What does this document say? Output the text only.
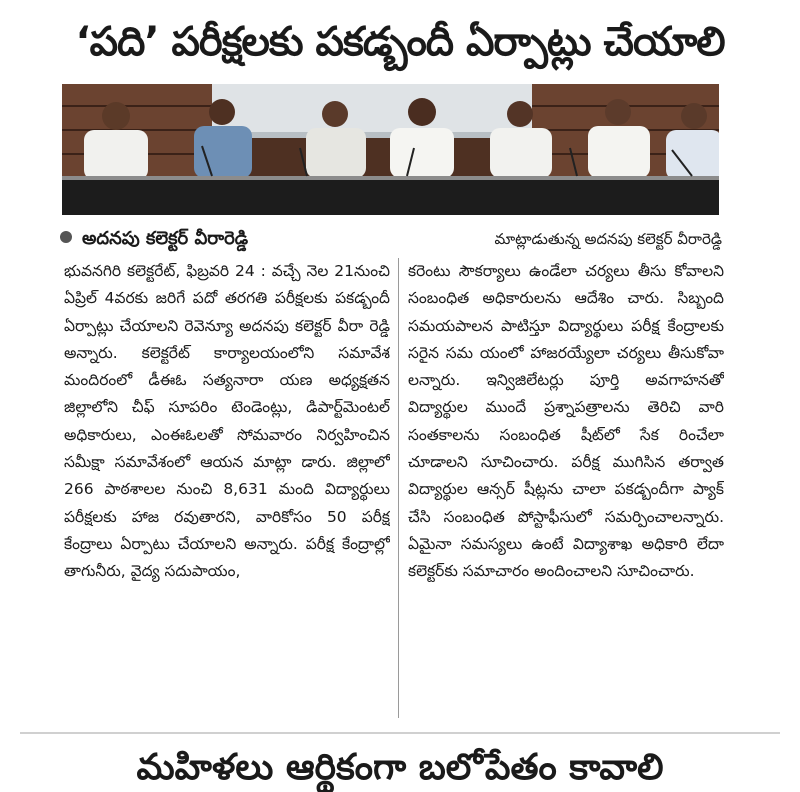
‘పది’ పరీక్షలకు పకడ్బందీ ఏర్పాట్లు చేయాలి
అదనపు కలెక్టర్‌ వీరారెడ్డి	మాట్లాడుతున్న అదనపు కలెక్టర్‌ వీరారెడ్డి
భువనగిరి కలెక్టరేట్‌, ఫిబ్రవరి 24 : వచ్చే నెల 21నుంచి ఏప్రిల్‌ 4వరకు జరిగే పదో తరగతి పరీక్షలకు పకడ్బందీ ఏర్పాట్లు చేయాలని రెవెన్యూ అదనపు కలెక్టర్‌ వీరా రెడ్డి అన్నారు. కలెక్టరేట్‌ కార్యాలయంలోని సమావేశ మందిరంలో డీఈఓ సత్యనారా యణ అధ్యక్షతన జిల్లాలోని చీఫ్‌ సూపరిం టెండెంట్లు, డిపార్ట్‌మెంటల్‌ అధికారులు, ఎంఈఓలతో సోమవారం నిర్వహించిన సమీక్షా సమావేశంలో ఆయన మాట్లా డారు. జిల్లాలో 266 పాఠశాలల నుంచి 8,631 మంది విద్యార్థులు పరీక్షలకు హాజ రవుతారని, వారికోసం 50 పరీక్ష కేంద్రాలు ఏర్పాటు చేయాలని అన్నారు. పరీక్ష కేంద్రాల్లో తాగునీరు, వైద్య సదుపాయం,
కరెంటు సౌకర్యాలు ఉండేలా చర్యలు తీసు కోవాలని సంబంధిత అధికారులను ఆదేశిం చారు. సిబ్బంది సమయపాలన పాటిస్తూ విద్యార్థులు పరీక్ష కేంద్రాలకు సరైన సమ యంలో హాజరయ్యేలా చర్యలు తీసుకోవా లన్నారు. ఇన్విజిలేటర్లు పూర్తి అవగాహనతో విద్యార్థుల ముందే ప్రశ్నాపత్రాలను తెరిచి వారి సంతకాలను సంబంధిత షీట్‌లో సేక రించేలా చూడాలని సూచించారు. పరీక్ష ముగిసిన తర్వాత విద్యార్థుల ఆన్సర్‌ షీట్లను చాలా పకడ్బందీగా ప్యాక్‌ చేసి సంబంధిత పోస్టాఫీసులో సమర్పించాలన్నారు. ఏమైనా సమస్యలు ఉంటే విద్యాశాఖ అధికారి లేదా కలెక్టర్‌కు సమాచారం అందించాలని సూచించారు.
మహిళలు ఆర్థికంగా బలోపేతం కావాలి
